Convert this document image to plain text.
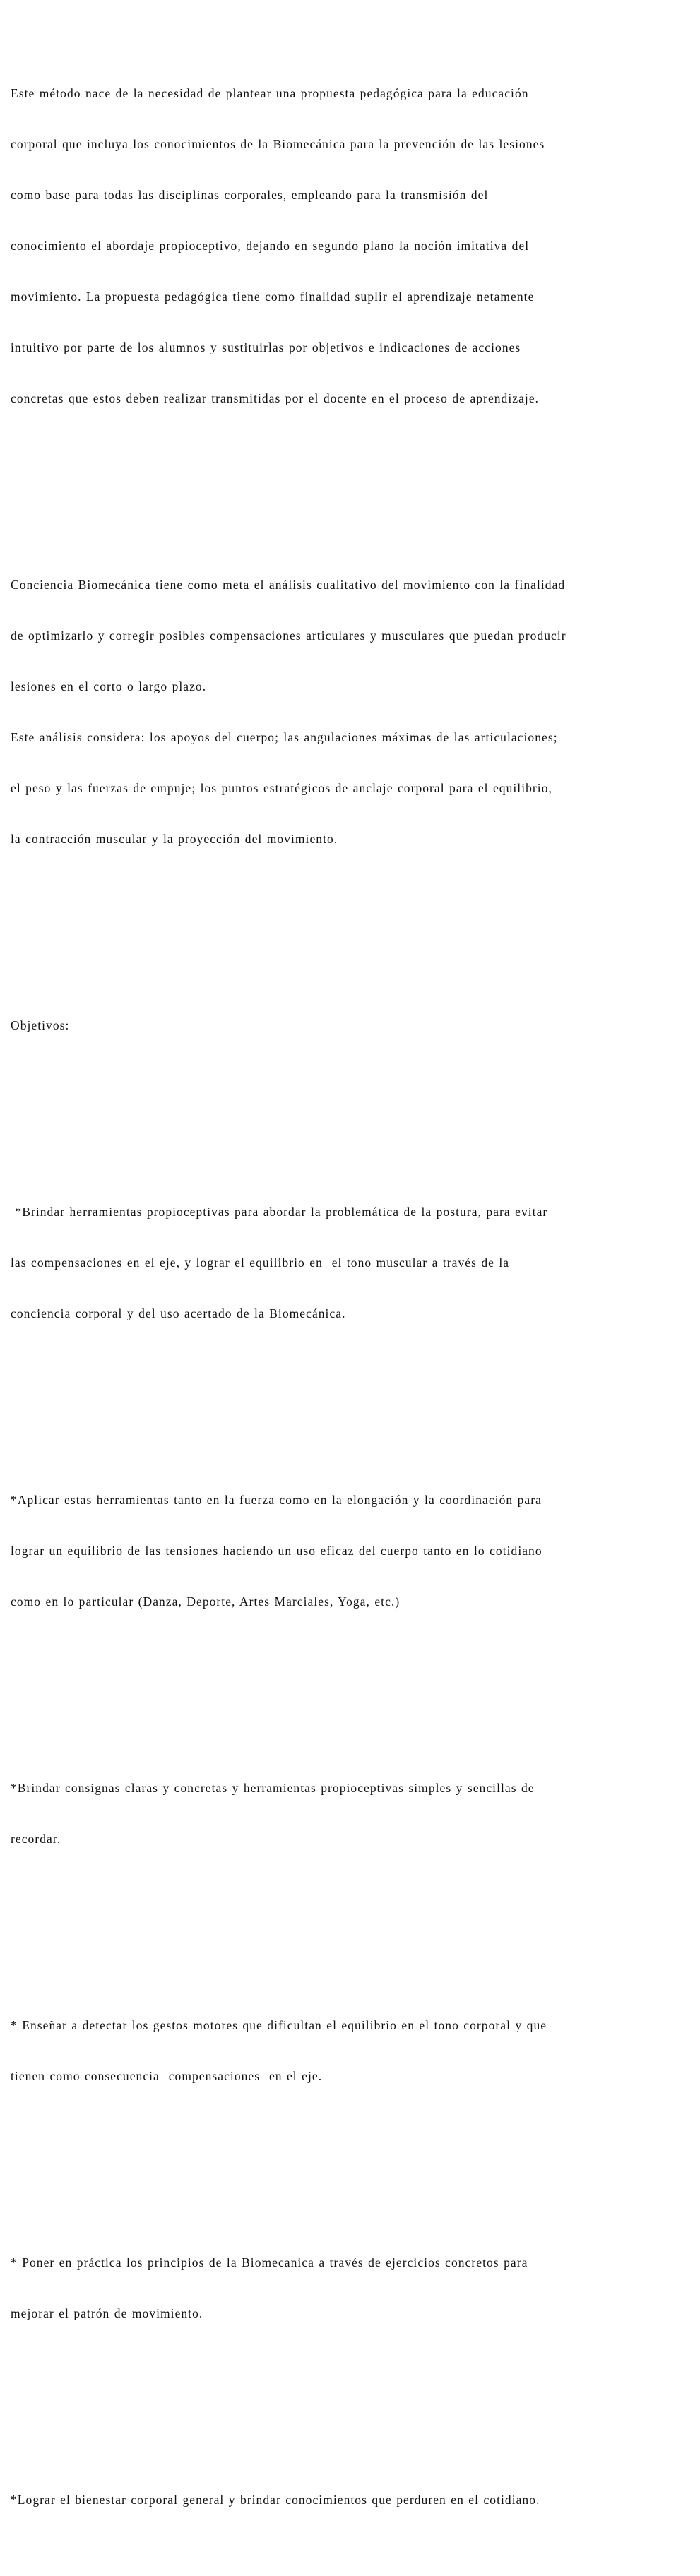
Este método nace de la necesidad de plantear una propuesta pedagógica para la educación

corporal que incluya los conocimientos de la Biomecánica para la prevención de las lesiones

como base para todas las disciplinas corporales, empleando para la transmisión del

conocimiento el abordaje propioceptivo, dejando en segundo plano la noción imitativa del

movimiento. La propuesta pedagógica tiene como finalidad suplir el aprendizaje netamente

intuitivo por parte de los alumnos y sustituirlas por objetivos e indicaciones de acciones

concretas que estos deben realizar transmitidas por el docente en el proceso de aprendizaje.

Conciencia Biomecánica tiene como meta el análisis cualitativo del movimiento con la finalidad

de optimizarlo y corregir posibles compensaciones articulares y musculares que puedan producir

lesiones en el corto o largo plazo.

Este análisis considera: los apoyos del cuerpo; las angulaciones máximas de las articulaciones;

el peso y las fuerzas de empuje; los puntos estratégicos de anclaje corporal para el equilibrio,

la contracción muscular y la proyección del movimiento.

Objetivos:

*Brindar herramientas propioceptivas para abordar la problemática de la postura, para evitar

las compensaciones en el eje, y lograr el equilibrio en  el tono muscular a través de la

conciencia corporal y del uso acertado de la Biomecánica.

*Aplicar estas herramientas tanto en la fuerza como en la elongación y la coordinación para

lograr un equilibrio de las tensiones haciendo un uso eficaz del cuerpo tanto en lo cotidiano

como en lo particular (Danza, Deporte, Artes Marciales, Yoga, etc.)

*Brindar consignas claras y concretas y herramientas propioceptivas simples y sencillas de

recordar.

* Enseñar a detectar los gestos motores que dificultan el equilibrio en el tono corporal y que

tienen como consecuencia  compensaciones  en el eje.

* Poner en práctica los principios de la Biomecanica a través de ejercicios concretos para

mejorar el patrón de movimiento.

*Lograr el bienestar corporal general y brindar conocimientos que perduren en el cotidiano.
